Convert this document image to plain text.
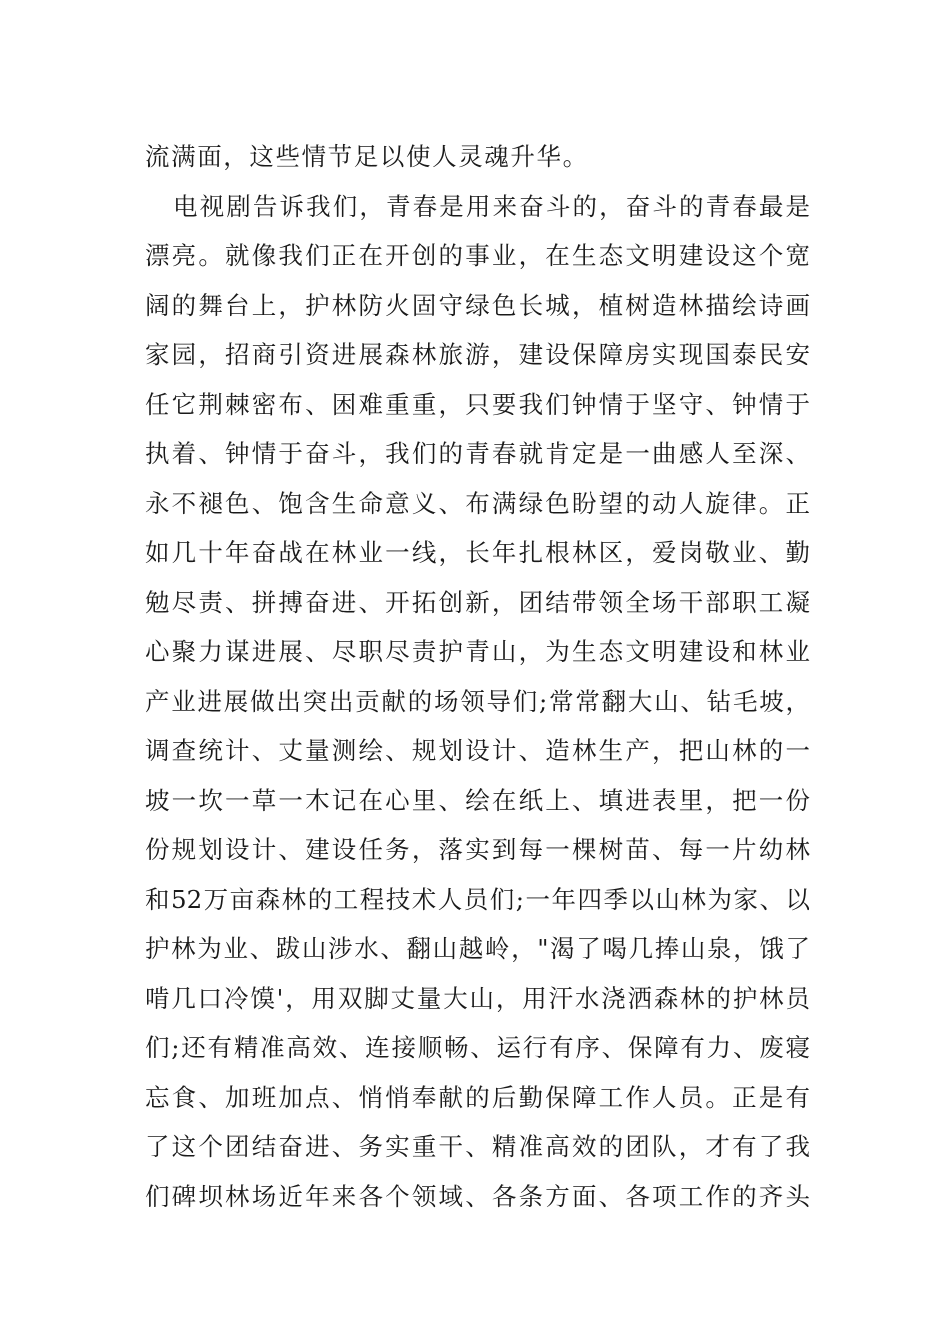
流满面，这些情节足以使人灵魂升华。
电视剧告诉我们，青春是用来奋斗的，奋斗的青春最是
漂亮。就像我们正在开创的事业，在生态文明建设这个宽
阔的舞台上，护林防火固守绿色长城，植树造林描绘诗画
家园，招商引资进展森林旅游，建设保障房实现国泰民安
任它荆棘密布、困难重重，只要我们钟情于坚守、钟情于
执着、钟情于奋斗，我们的青春就肯定是一曲感人至深、
永不褪色、饱含生命意义、布满绿色盼望的动人旋律。正
如几十年奋战在林业一线，长年扎根林区，爱岗敬业、勤
勉尽责、拼搏奋进、开拓创新，团结带领全场干部职工凝
心聚力谋进展、尽职尽责护青山，为生态文明建设和林业
产业进展做出突出贡献的场领导们;常常翻大山、钻毛坡，
调查统计、丈量测绘、规划设计、造林生产，把山林的一
坡一坎一草一木记在心里、绘在纸上、填进表里，把一份
份规划设计、建设任务，落实到每一棵树苗、每一片幼林
和52万亩森林的工程技术人员们;一年四季以山林为家、以
护林为业、跋山涉水、翻山越岭，"渴了喝几捧山泉，饿了
啃几口冷馍'，用双脚丈量大山，用汗水浇洒森林的护林员
们;还有精准高效、连接顺畅、运行有序、保障有力、废寝
忘食、加班加点、悄悄奉献的后勤保障工作人员。正是有
了这个团结奋进、务实重干、精准高效的团队，才有了我
们碑坝林场近年来各个领域、各条方面、各项工作的齐头
